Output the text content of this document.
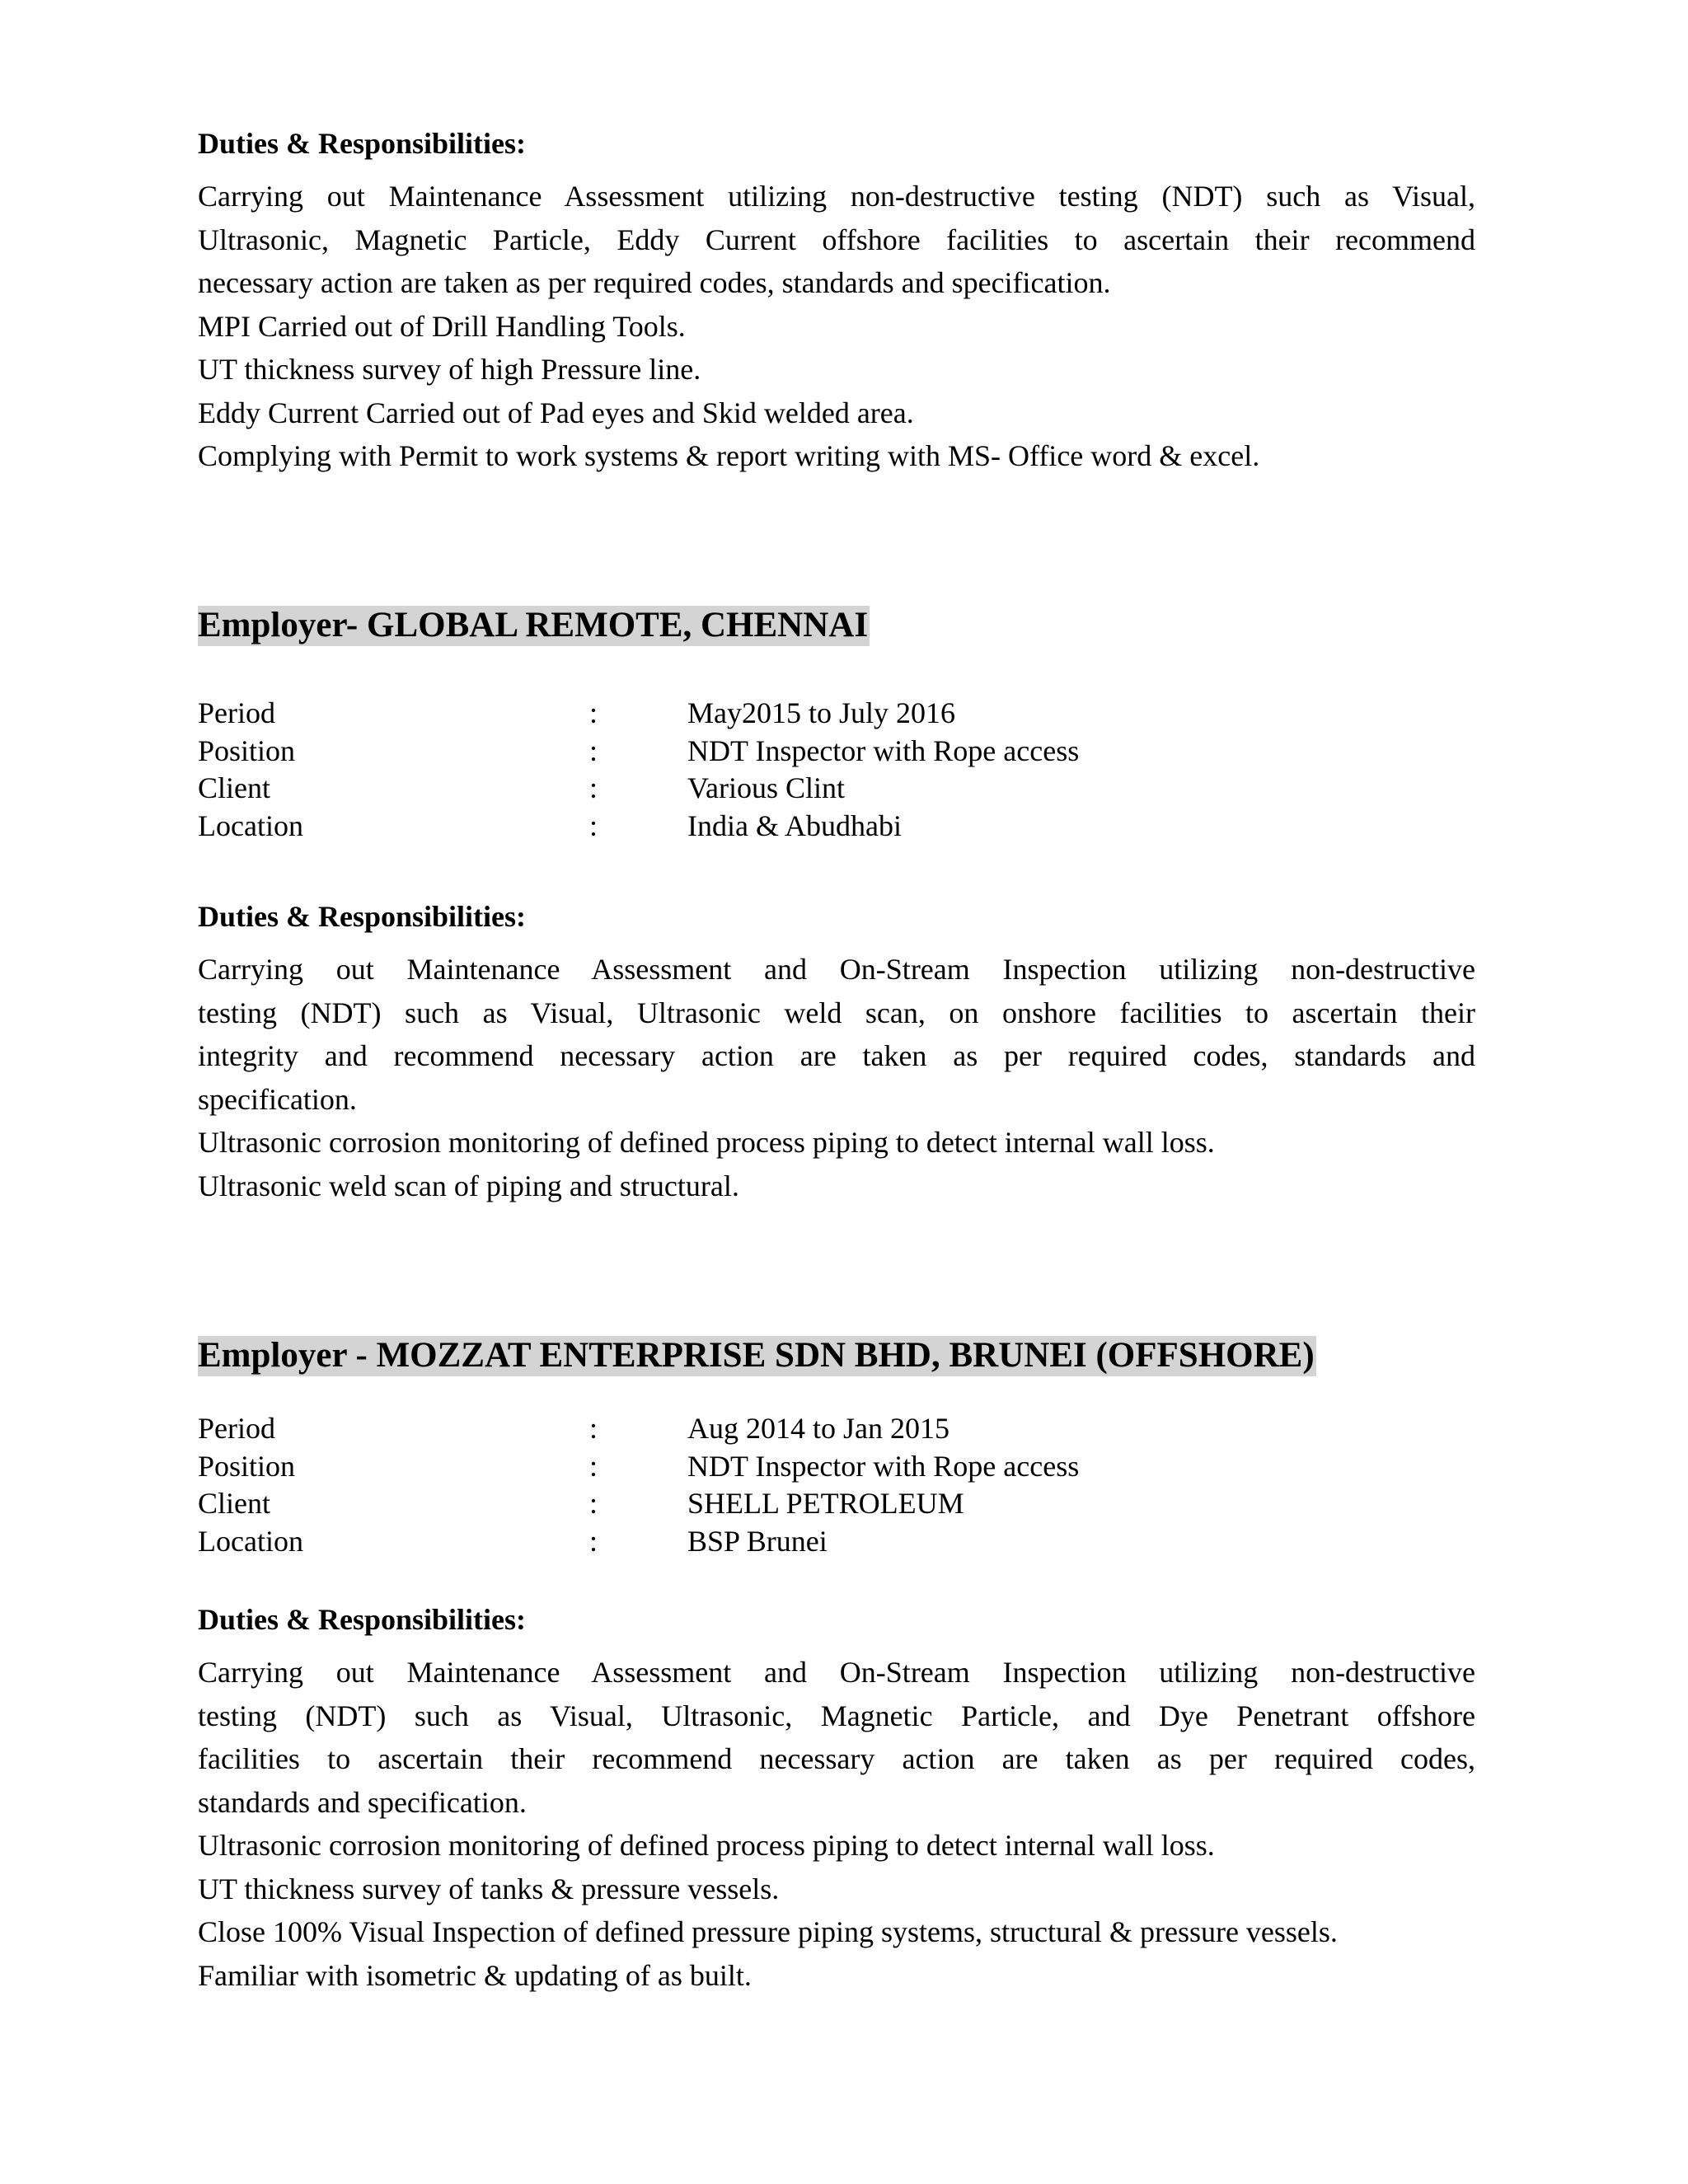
Duties & Responsibilities:
Carrying out Maintenance Assessment utilizing non-destructive testing (NDT) such as Visual,
Ultrasonic, Magnetic Particle, Eddy Current offshore facilities to ascertain their recommend
necessary action are taken as per required codes, standards and specification.
MPI Carried out of Drill Handling Tools.
UT thickness survey of high Pressure line.
Eddy Current Carried out of Pad eyes and Skid welded area.
Complying with Permit to work systems & report writing with MS- Office word & excel.
Employer- GLOBAL REMOTE, CHENNAI
Period	:	May2015 to July 2016
Position	:	NDT Inspector with Rope access
Client	:	Various Clint
Location	:	India & Abudhabi
Duties & Responsibilities:
Carrying out Maintenance Assessment and On-Stream Inspection utilizing non-destructive
testing (NDT) such as Visual, Ultrasonic weld scan, on onshore facilities to ascertain their
integrity and recommend necessary action are taken as per required codes, standards and
specification.
Ultrasonic corrosion monitoring of defined process piping to detect internal wall loss.
Ultrasonic weld scan of piping and structural.
Employer - MOZZAT ENTERPRISE SDN BHD, BRUNEI (OFFSHORE)
Period	:	Aug 2014 to Jan 2015
Position	:	NDT Inspector with Rope access
Client	:	SHELL PETROLEUM
Location	:	BSP Brunei
Duties & Responsibilities:
Carrying out Maintenance Assessment and On-Stream Inspection utilizing non-destructive
testing (NDT) such as Visual, Ultrasonic, Magnetic Particle, and Dye Penetrant offshore
facilities to ascertain their recommend necessary action are taken as per required codes,
standards and specification.
Ultrasonic corrosion monitoring of defined process piping to detect internal wall loss.
UT thickness survey of tanks & pressure vessels.
Close 100% Visual Inspection of defined pressure piping systems, structural & pressure vessels.
Familiar with isometric & updating of as built.
